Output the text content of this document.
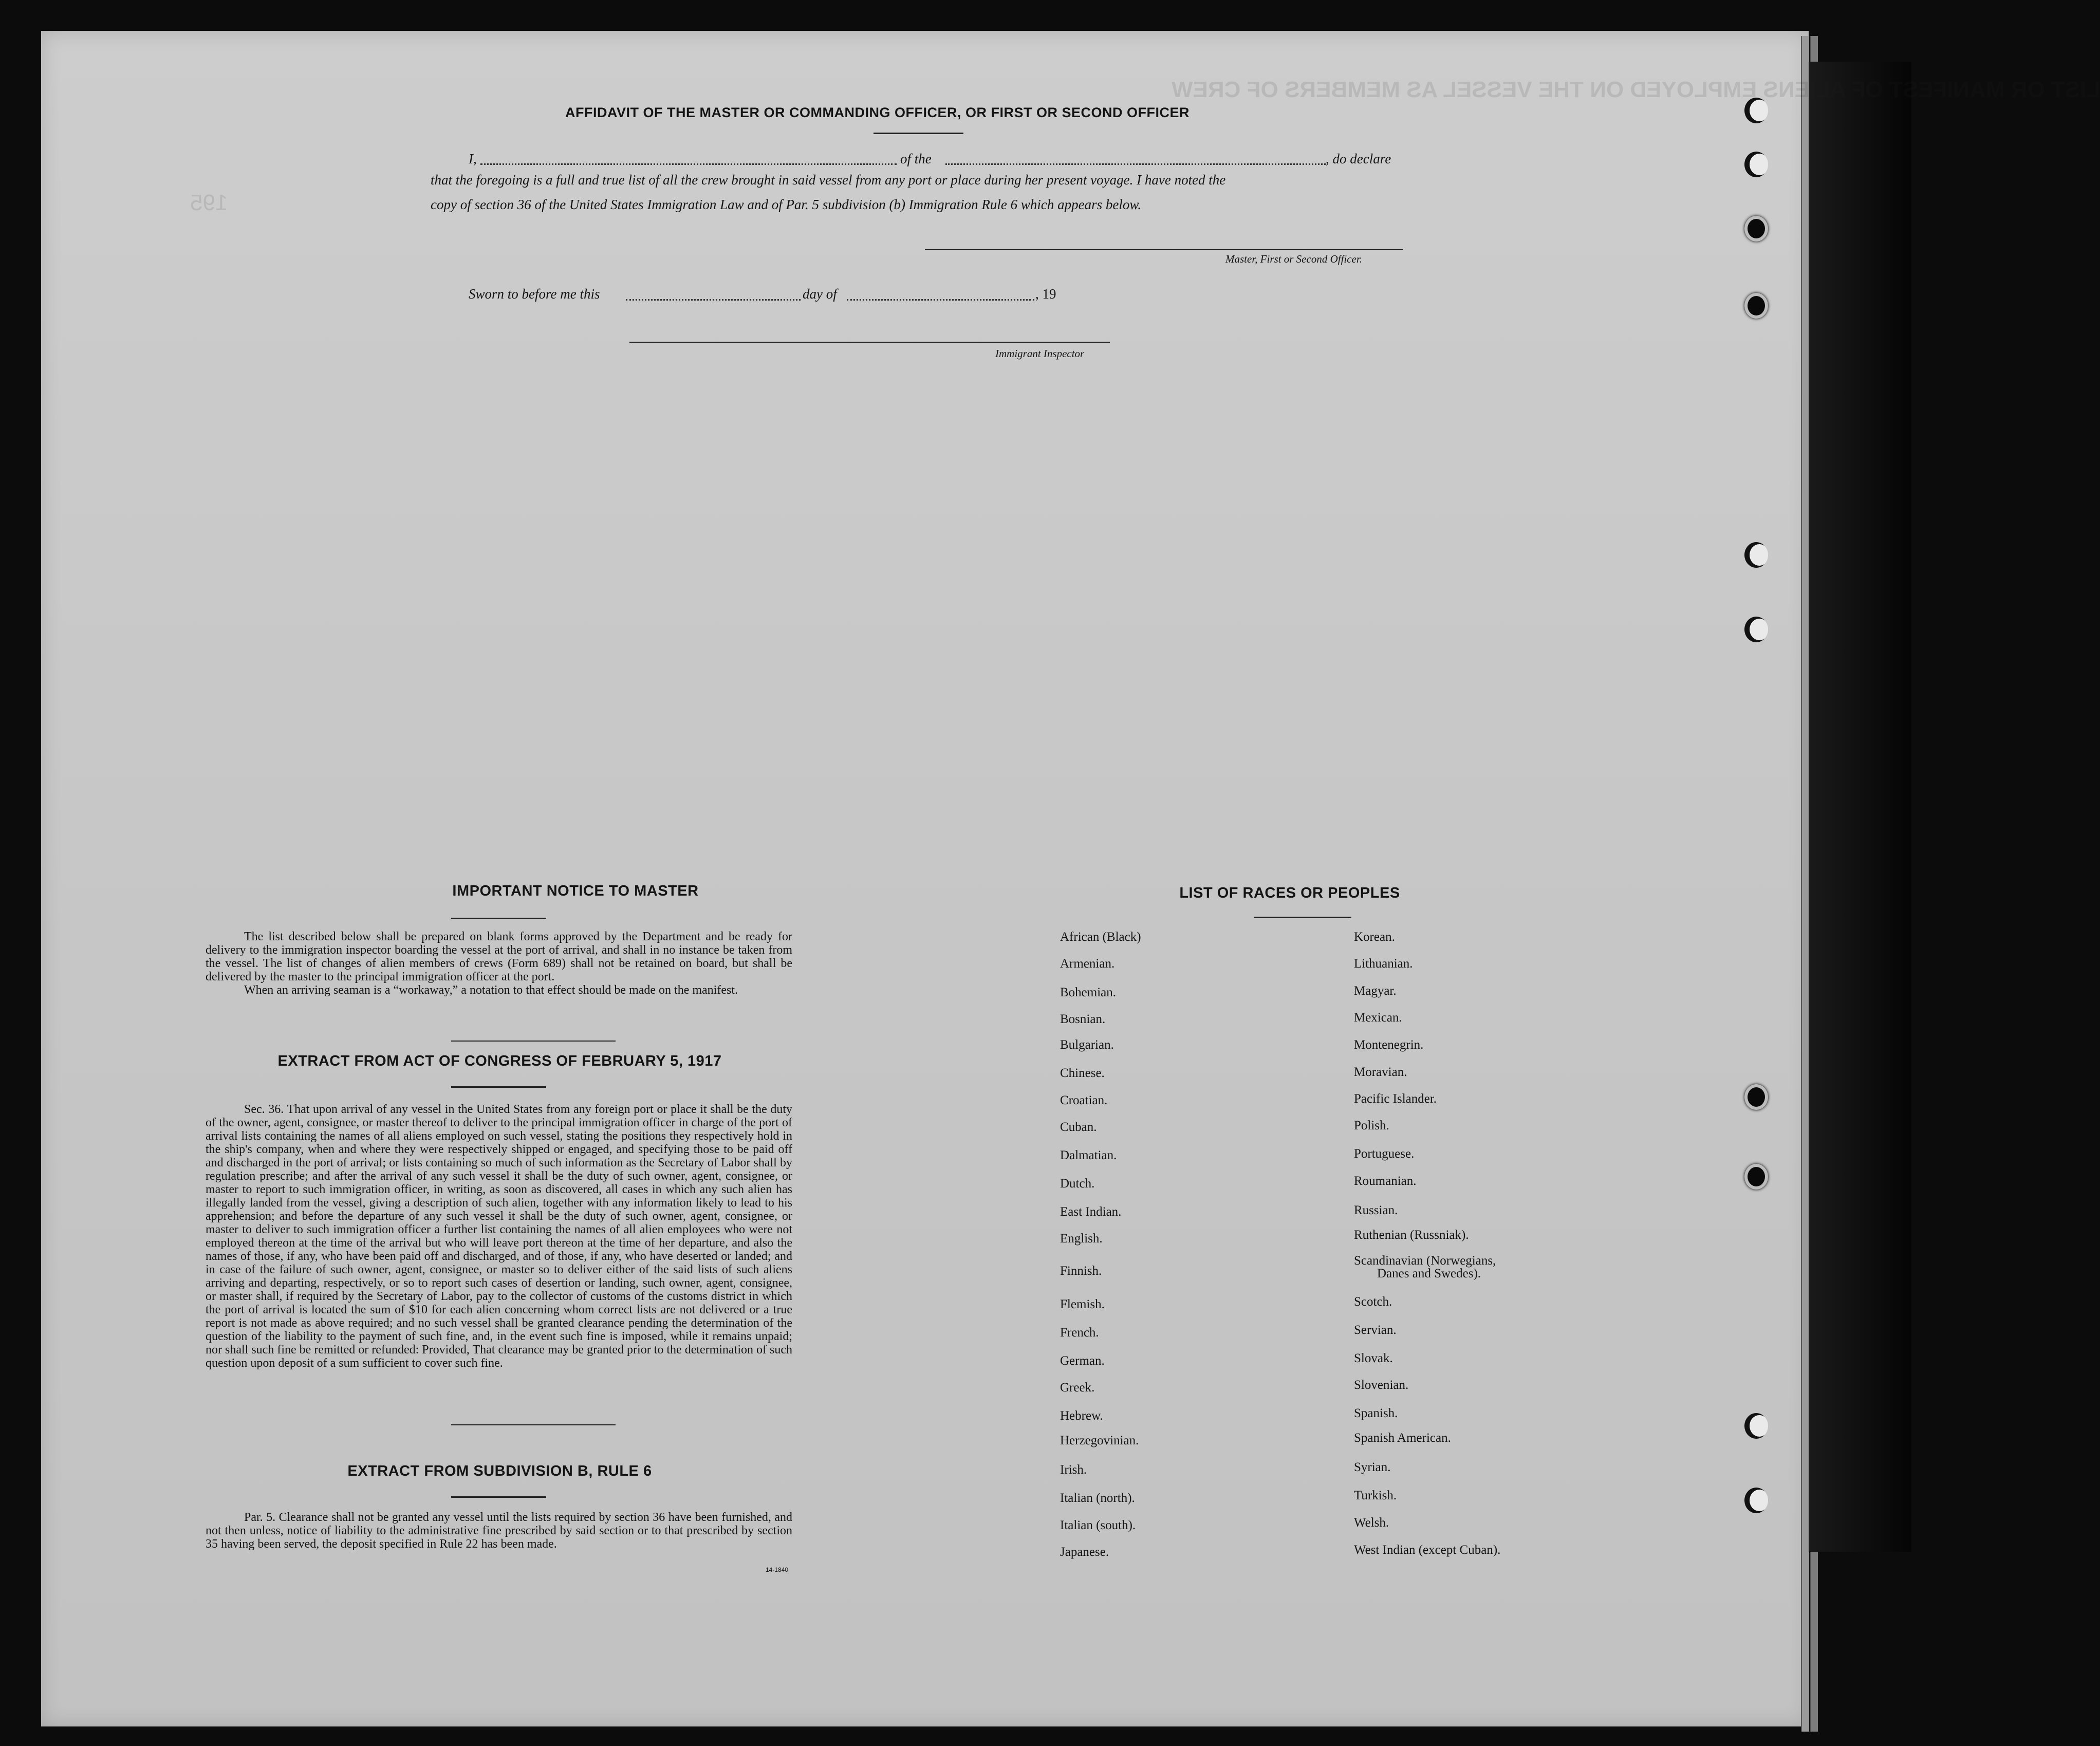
LIST OR MANIFEST
AFFIDAVIT OF THE MASTER OR COMMANDING OFFICER, OR FIRST OR SECOND OFFICER
I,	of the	, do declare
that the foregoing is a full and true list of all the crew brought in said vessel from any port or place during her present voyage. I have noted the
copy of section 36 of the United States Immigration Law and of Par. 5 subdivision (b) Immigration Rule 6 which appears below.
Master, First or Second Officer.
Sworn to before me this	day of	, 19
Immigrant Inspector
IMPORTANT NOTICE TO MASTER

The list described below shall be prepared on blank forms approved by the Department and be ready for delivery to the immigration inspector boarding the vessel at the port of arrival, and shall in no instance be taken from the vessel. The list of changes of alien members of crews (Form 689) shall not be retained on board, but shall be delivered by the master to the principal immigration officer at the port.

When an arriving seaman is a “workaway,” a notation to that effect should be made on the manifest.

EXTRACT FROM ACT OF CONGRESS OF FEBRUARY 5, 1917

Sec. 36. That upon arrival of any vessel in the United States from any foreign port or place it shall be the duty of the owner, agent, consignee, or master thereof to deliver to the principal immigration officer in charge of the port of arrival lists containing the names of all aliens employed on such vessel, stating the positions they respectively hold in the ship's company, when and where they were respectively shipped or engaged, and specifying those to be paid off and discharged in the port of arrival; or lists containing so much of such information as the Secretary of Labor shall by regulation prescribe; and after the arrival of any such vessel it shall be the duty of such owner, agent, consignee, or master to report to such immigration officer, in writing, as soon as discovered, all cases in which any such alien has illegally landed from the vessel, giving a description of such alien, together with any information likely to lead to his apprehension; and before the departure of any such vessel it shall be the duty of such owner, agent, consignee, or master to deliver to such immigration officer a further list containing the names of all alien employees who were not employed thereon at the time of the arrival but who will leave port thereon at the time of her departure, and also the names of those, if any, who have been paid off and discharged, and of those, if any, who have deserted or landed; and in case of the failure of such owner, agent, consignee, or master so to deliver either of the said lists of such aliens arriving and departing, respectively, or so to report such cases of desertion or landing, such owner, agent, consignee, or master shall, if required by the Secretary of Labor, pay to the collector of customs of the customs district in which the port of arrival is located the sum of $10 for each alien concerning whom correct lists are not delivered or a true report is not made as above required; and no such vessel shall be granted clearance pending the determination of the question of the liability to the payment of such fine, and, in the event such fine is imposed, while it remains unpaid; nor shall such fine be remitted or refunded: Provided, That clearance may be granted prior to the determination of such question upon deposit of a sum sufficient to cover such fine.

EXTRACT FROM SUBDIVISION B, RULE 6

Par. 5. Clearance shall not be granted any vessel until the lists required by section 36 have been furnished, and not then unless, notice of liability to the administrative fine prescribed by said section or to that prescribed by section 35 having been served, the deposit specified in Rule 22 has been made.

14-1840
LIST OF RACES OR PEOPLES
African (Black)
Armenian.
Bohemian.
Bosnian.
Bulgarian.
Chinese.
Croatian.
Cuban.
Dalmatian.
Dutch.
East Indian.
English.
Finnish.
Flemish.
French.
German.
Greek.
Hebrew.
Herzegovinian.
Irish.
Italian (north).
Italian (south).
Japanese.
Korean.
Lithuanian.
Magyar.
Mexican.
Montenegrin.
Moravian.
Pacific Islander.
Polish.
Portuguese.
Roumanian.
Russian.
Ruthenian (Russniak).
Scandinavian (Norwegians,
Danes and Swedes).
Scotch.
Servian.
Slovak.
Slovenian.
Spanish.
Spanish American.
Syrian.
Turkish.
Welsh.
West Indian (except Cuban).
